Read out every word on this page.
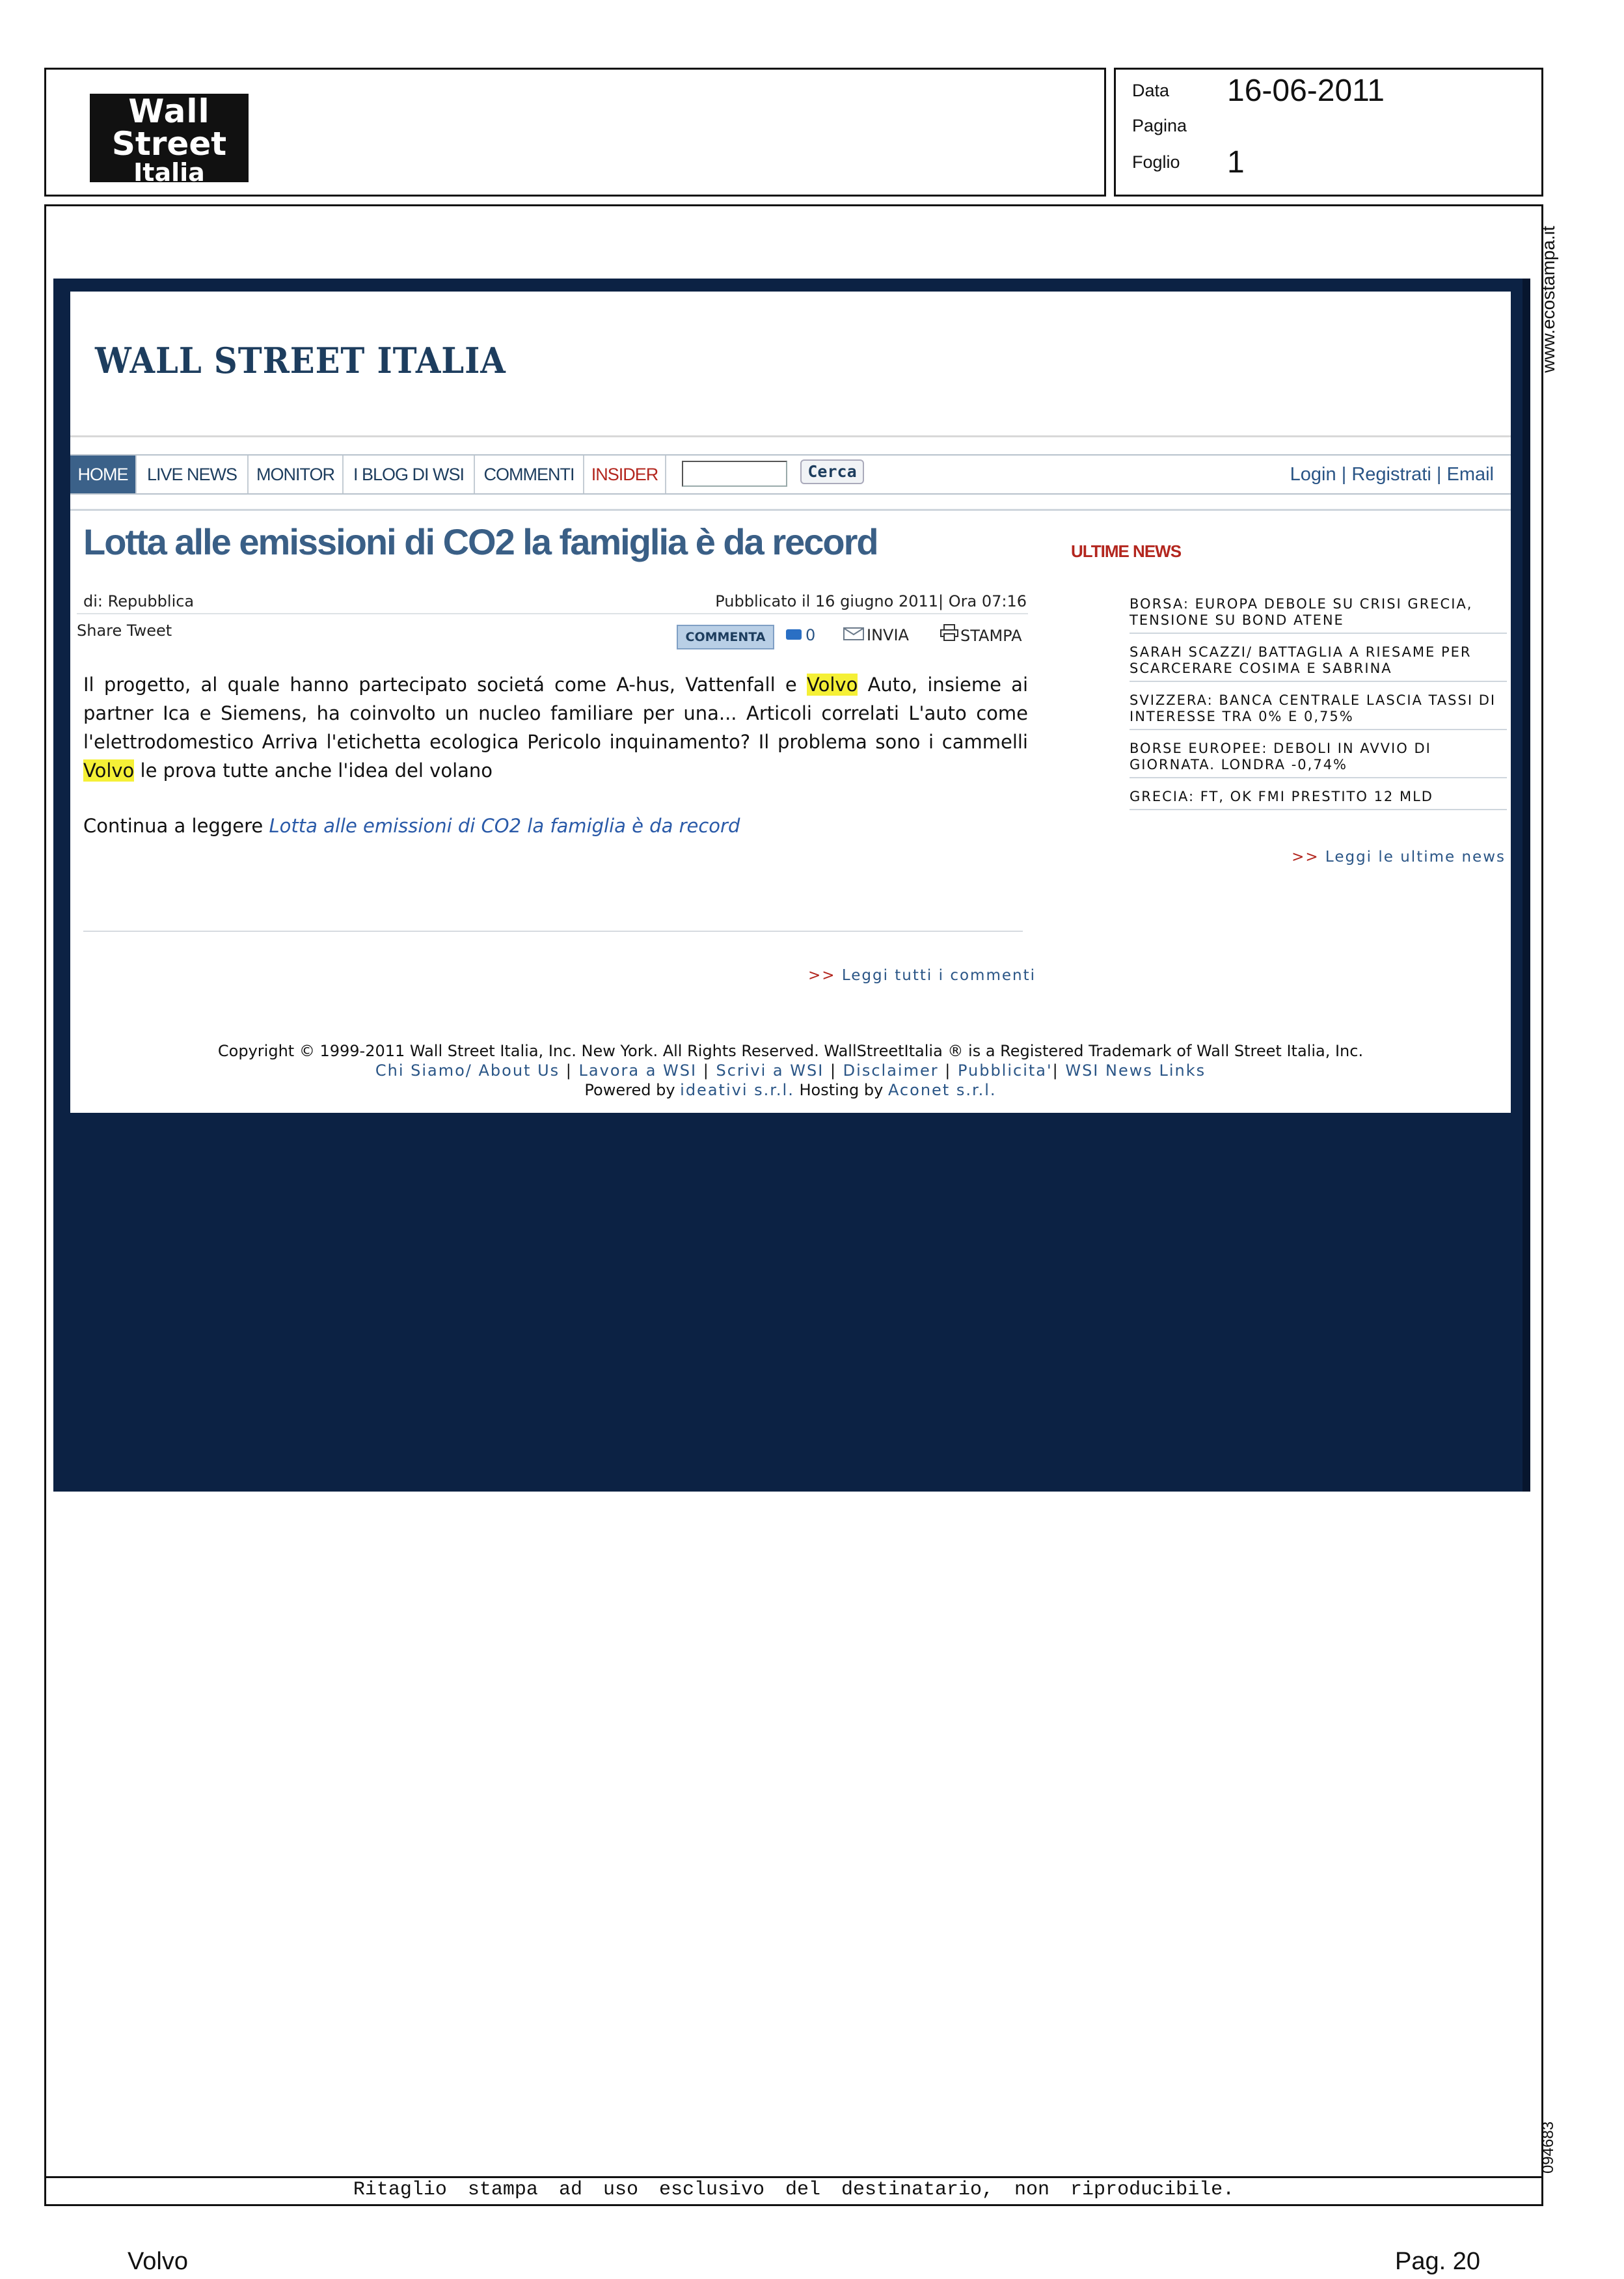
Wall
Street
Italia
Data 16-06-2011
Pagina
Foglio 1
www.ecostampa.it
094683
WALL STREET ITALIA
HOME	LIVE NEWS	MONITOR	I BLOG DI WSI	COMMENTI INSIDER	Cerca	Login | Registrati | Email
Lotta alle emissioni di CO2 la famiglia è da record
di: Repubblica	Pubblicato il 16 giugno 2011| Ora 07:16
Share Tweet	COMMENTA	0	INVIA	STAMPA
Il progetto, al quale hanno partecipato societá come A-hus, Vattenfall e Volvo Auto, insieme ai partner Ica e Siemens, ha coinvolto un nucleo familiare per una... Articoli correlati L'auto come l'elettrodomestico Arriva l'etichetta ecologica Pericolo inquinamento? Il problema sono i cammelli Volvo le prova tutte anche l'idea del volano
Continua a leggere Lotta alle emissioni di CO2 la famiglia è da record
>> Leggi tutti i commenti
ULTIME NEWS
BORSA: EUROPA DEBOLE SU CRISI GRECIA, TENSIONE SU BOND ATENE
SARAH SCAZZI/ BATTAGLIA A RIESAME PER SCARCERARE COSIMA E SABRINA
SVIZZERA: BANCA CENTRALE LASCIA TASSI DI INTERESSE TRA 0% E 0,75%
BORSE EUROPEE: DEBOLI IN AVVIO DI GIORNATA. LONDRA -0,74%
GRECIA: FT, OK FMI PRESTITO 12 MLD
>> Leggi le ultime news
Copyright © 1999-2011 Wall Street Italia, Inc. New York. All Rights Reserved. WallStreetItalia ® is a Registered Trademark of Wall Street Italia, Inc.
Chi Siamo/ About Us | Lavora a WSI | Scrivi a WSI | Disclaimer | Pubblicita'| WSI News Links
Powered by ideativi s.r.l. Hosting by Aconet s.r.l.
Ritaglio stampa ad uso esclusivo del destinatario, non riproducibile.
Volvo	Pag. 20
